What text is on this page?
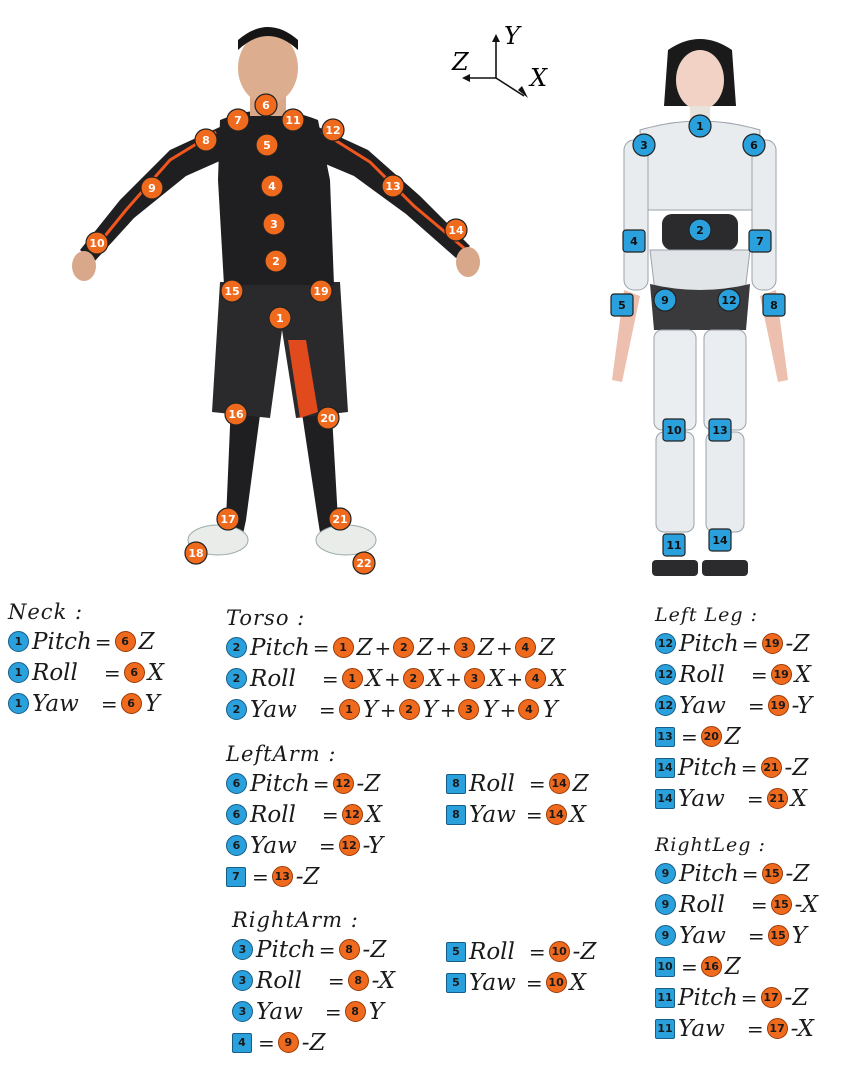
6
7	11
12
8	5
4
9	13
3
10
14
2
15	19
1
16	20
17	21
18
22
Y
Z
X
1
3	6
2
4	7
5	9	12	8
10	13
11	14
Neck :
1 Pitch = 6 Z
1 Roll = 6 X
1 Yaw = 6 Y
Torso :
2 Pitch = 1 Z + 2 Z + 3 Z + 4 Z
2 Roll = 1 X + 2 X + 3 X + 4 X
2 Yaw = 1 Y + 2 Y + 3 Y + 4 Y
LeftArm :
6 Pitch = 12 -Z
6 Roll = 12 X
6 Yaw = 12 -Y
7 = 13 -Z
8 Roll = 14 Z
8 Yaw = 14 X
RightArm :
3 Pitch = 8 -Z
3 Roll = 8 -X
3 Yaw = 8 Y
4 = 9 -Z
5 Roll = 10 -Z
5 Yaw = 10 X
Left Leg :
12 Pitch = 19 -Z
12 Roll = 19 X
12 Yaw = 19 -Y
13 = 20 Z
14 Pitch = 21 -Z
14 Yaw = 21 X
RightLeg :
9 Pitch = 15 -Z
9 Roll = 15 -X
9 Yaw = 15 Y
10 = 16 Z
11 Pitch = 17 -Z
11 Yaw = 17 -X
